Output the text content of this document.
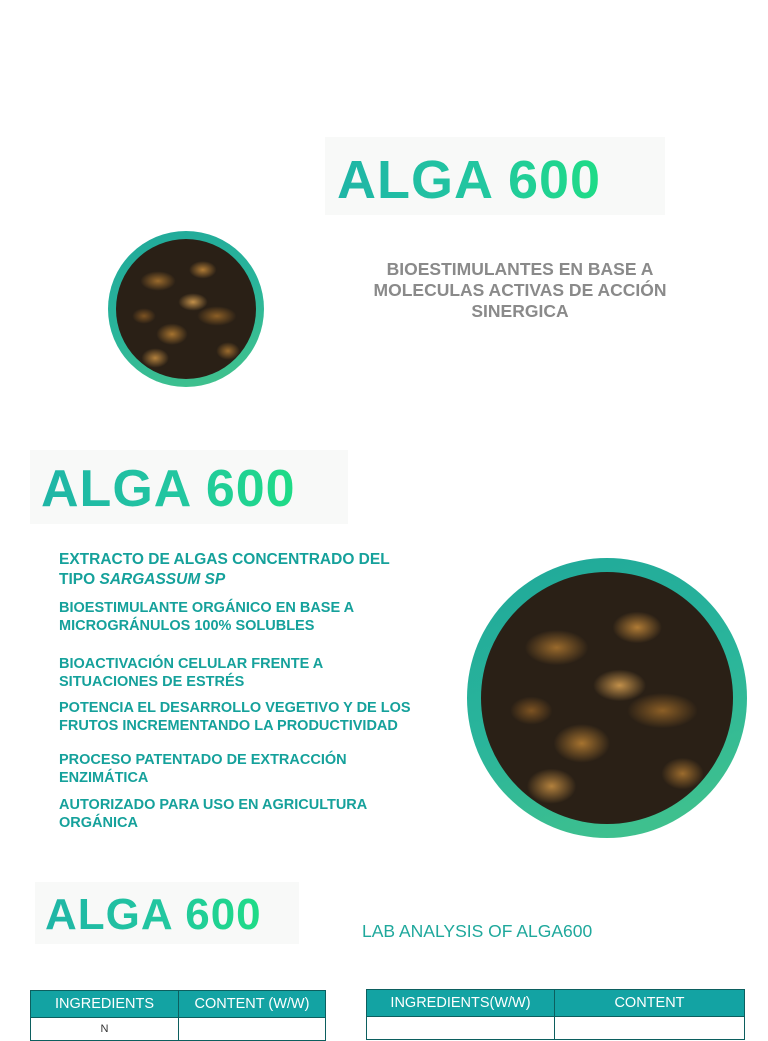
ALGA 600
BIOESTIMULANTES EN BASE A
MOLECULAS ACTIVAS DE ACCIÓN
SINERGICA
ALGA 600
EXTRACTO DE ALGAS CONCENTRADO DEL
TIPO SARGASSUM SP
BIOESTIMULANTE ORGÁNICO EN BASE A
MICROGRÁNULOS 100% SOLUBLES
BIOACTIVACIÓN CELULAR FRENTE A
SITUACIONES DE ESTRÉS
POTENCIA EL DESARROLLO VEGETIVO Y DE LOS
FRUTOS INCREMENTANDO LA PRODUCTIVIDAD
PROCESO PATENTADO DE EXTRACCIÓN
ENZIMÁTICA
AUTORIZADO PARA USO EN AGRICULTURA
ORGÁNICA
ALGA 600	LAB ANALYSIS OF ALGA600
INGREDIENTS	CONTENT (W/W)
N	
INGREDIENTS(W/W)	CONTENT
